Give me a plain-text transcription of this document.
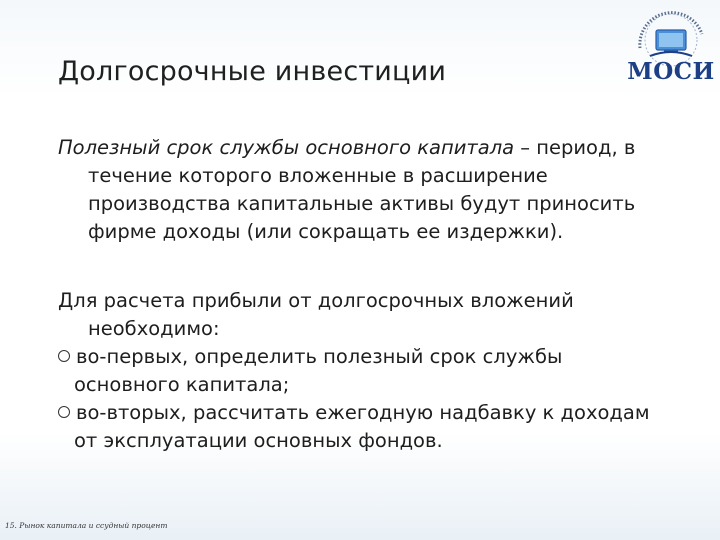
Долгосрочные инвестиции	МОСИ
Полезный срок службы основного капитала – период, в
течение которого вложенные в расширение
производства капитальные активы будут приносить
фирме доходы (или сокращать ее издержки).
Для расчета прибыли от долгосрочных вложений
необходимо:
во-первых, определить полезный срок службы
основного капитала;
во-вторых, рассчитать ежегодную надбавку к доходам
от эксплуатации основных фондов.
15. Рынок капитала и ссудный процент
